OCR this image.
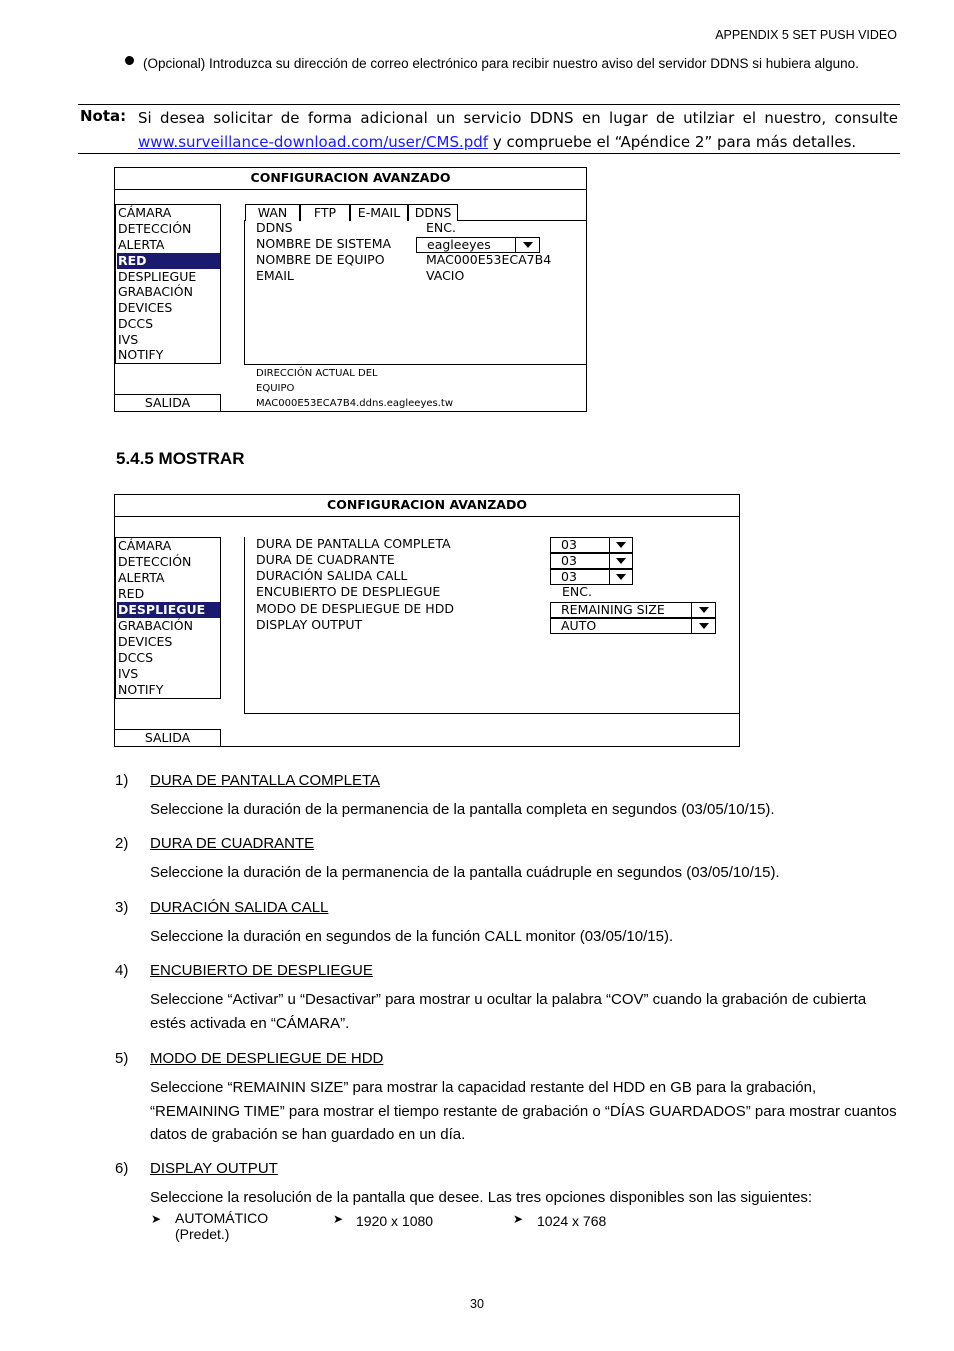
APPENDIX 5 SET PUSH VIDEO
(Opcional) Introduzca su dirección de correo electrónico para recibir nuestro aviso del servidor DDNS si hubiera alguno.
Nota: Si desea solicitar de forma adicional un servicio DDNS en lugar de utilziar el nuestro, consulte
www.surveillance-download.com/user/CMS.pdf y compruebe el “Apéndice 2” para más detalles.
CONFIGURACION AVANZADO
CÁMARA
DETECCIÓN
ALERTA
RED
DESPLIEGUE
GRABACIÓN
DEVICES
DCCS
IVS
NOTIFY
WAN	FTP	E-MAIL	DDNS
DDNS	ENC.
NOMBRE DE SISTEMA	eagleeyes
NOMBRE DE EQUIPO	MAC000E53ECA7B4
EMAIL	VACIO
DIRECCIÓN ACTUAL DEL
EQUIPO
MAC000E53ECA7B4.ddns.eagleeyes.tw
SALIDA
5.4.5 MOSTRAR
CONFIGURACION AVANZADO
CÁMARA
DETECCIÓN
ALERTA
RED
DESPLIEGUE
GRABACIÓN
DEVICES
DCCS
IVS
NOTIFY
DURA DE PANTALLA COMPLETA	03
DURA DE CUADRANTE	03
DURACIÓN SALIDA CALL	03
ENCUBIERTO DE DESPLIEGUE	ENC.
MODO DE DESPLIEGUE DE HDD	REMAINING SIZE
DISPLAY OUTPUT	AUTO
SALIDA
1) DURA DE PANTALLA COMPLETA
Seleccione la duración de la permanencia de la pantalla completa en segundos (03/05/10/15).
2) DURA DE CUADRANTE
Seleccione la duración de la permanencia de la pantalla cuádruple en segundos (03/05/10/15).
3) DURACIÓN SALIDA CALL
Seleccione la duración en segundos de la función CALL monitor (03/05/10/15).
4) ENCUBIERTO DE DESPLIEGUE
Seleccione “Activar” u “Desactivar” para mostrar u ocultar la palabra “COV” cuando la grabación de cubierta estés activada en “CÁMARA”.
5) MODO DE DESPLIEGUE DE HDD
Seleccione “REMAININ SIZE” para mostrar la capacidad restante del HDD en GB para la grabación, “REMAINING TIME” para mostrar el tiempo restante de grabación o “DÍAS GUARDADOS” para mostrar cuantos datos de grabación se han guardado en un día.
6) DISPLAY OUTPUT
Seleccione la resolución de la pantalla que desee. Las tres opciones disponibles son las siguientes:
➤ AUTOMÁTICO
(Predet.)
➤ 1920 x 1080	➤ 1024 x 768
30
